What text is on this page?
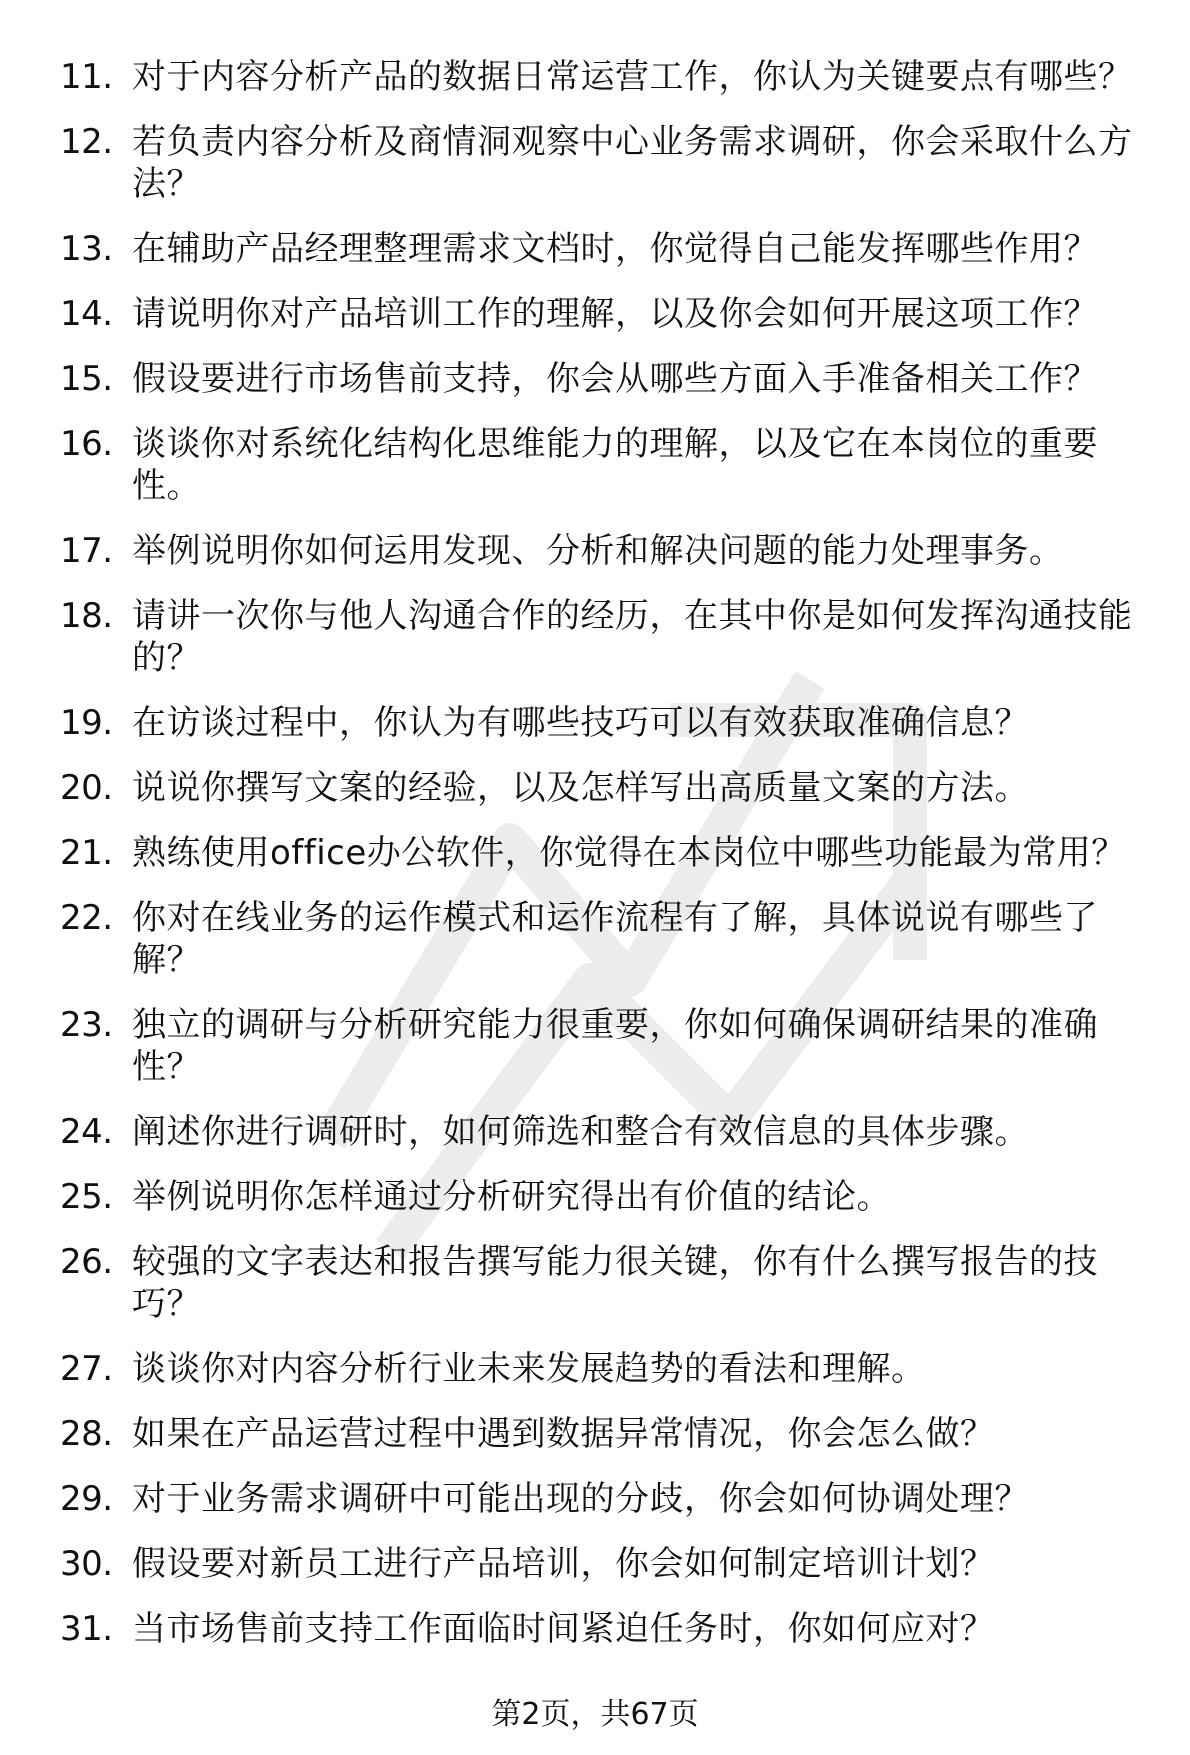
11. 对于内容分析产品的数据日常运营工作，你认为关键要点有哪些？
12. 若负责内容分析及商情洞观察中心业务需求调研，你会采取什么方法？
13. 在辅助产品经理整理需求文档时，你觉得自己能发挥哪些作用？
14. 请说明你对产品培训工作的理解，以及你会如何开展这项工作？
15. 假设要进行市场售前支持，你会从哪些方面入手准备相关工作？
16. 谈谈你对系统化结构化思维能力的理解，以及它在本岗位的重要性。
17. 举例说明你如何运用发现、分析和解决问题的能力处理事务。
18. 请讲一次你与他人沟通合作的经历，在其中你是如何发挥沟通技能的？
19. 在访谈过程中，你认为有哪些技巧可以有效获取准确信息？
20. 说说你撰写文案的经验，以及怎样写出高质量文案的方法。
21. 熟练使用office办公软件，你觉得在本岗位中哪些功能最为常用？
22. 你对在线业务的运作模式和运作流程有了解，具体说说有哪些了解？
23. 独立的调研与分析研究能力很重要，你如何确保调研结果的准确性？
24. 阐述你进行调研时，如何筛选和整合有效信息的具体步骤。
25. 举例说明你怎样通过分析研究得出有价值的结论。
26. 较强的文字表达和报告撰写能力很关键，你有什么撰写报告的技巧？
27. 谈谈你对内容分析行业未来发展趋势的看法和理解。
28. 如果在产品运营过程中遇到数据异常情况，你会怎么做？
29. 对于业务需求调研中可能出现的分歧，你会如何协调处理？
30. 假设要对新员工进行产品培训，你会如何制定培训计划？
31. 当市场售前支持工作面临时间紧迫任务时，你如何应对？
第2页，共67页
